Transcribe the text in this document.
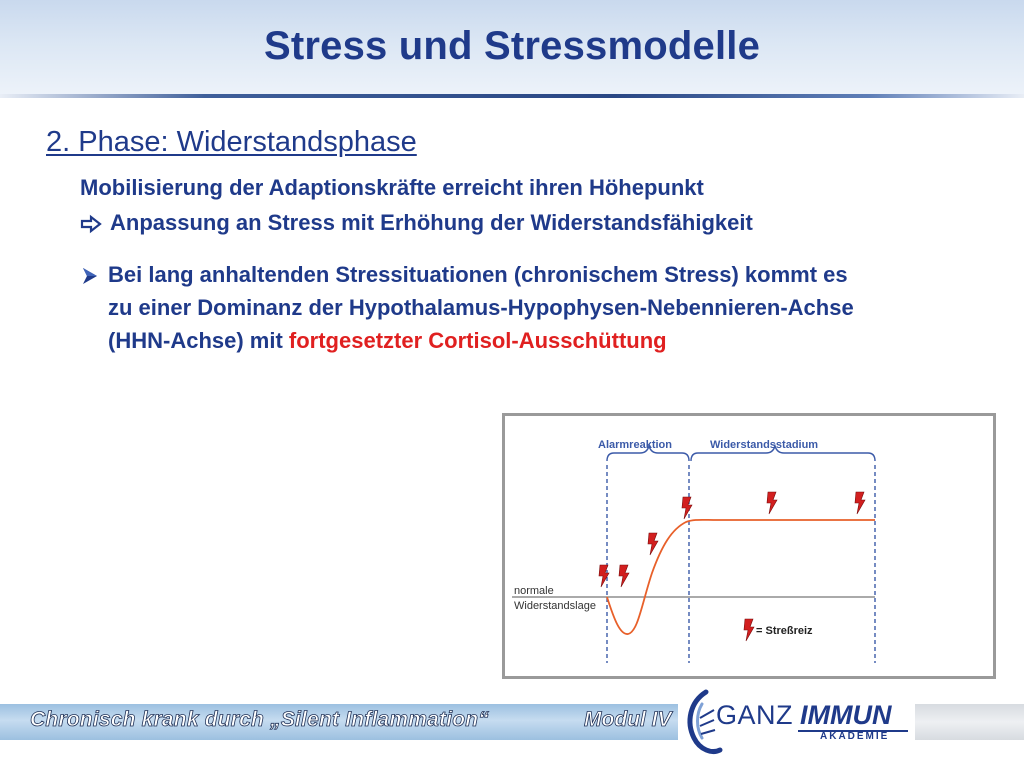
Stress und Stressmodelle
2. Phase: Widerstandsphase
Mobilisierung der Adaptionskräfte erreicht ihren Höhepunkt
Anpassung an Stress mit Erhöhung der Widerstandsfähigkeit
Bei lang anhaltenden Stressituationen (chronischem Stress) kommt es
zu einer Dominanz der Hypothalamus-Hypophysen-Nebennieren-Achse
(HHN-Achse) mit fortgesetzter Cortisol-Ausschüttung
Alarmreaktion	Widerstandsstadium
normale
Widerstandslage
= Streßreiz
Chronisch krank durch „Silent Inflammation“	Modul IV GANZ IMMUN
AKADEMIE
